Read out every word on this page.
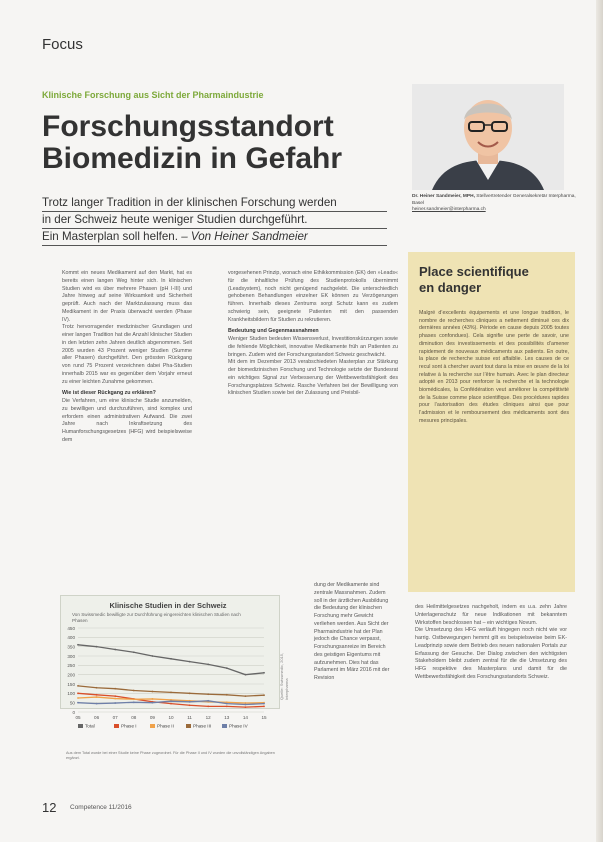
Focus
Klinische Forschung aus Sicht der Pharmaindustrie
Forschungsstandort
Biomedizin in Gefahr
Trotz langer Tradition in der klinischen Forschung werden
in der Schweiz heute weniger Studien durchgeführt.
Ein Masterplan soll helfen. – Von Heiner Sandmeier
Dr. Heiner Sandmeier, MPH, Stellvertretender Generalsekretär Interpharma, Basel
heiner.sandmeier@interpharma.ch

Kommt ein neues Medikament auf den Markt, hat es bereits einen langen Weg hinter sich. In klinischen Studien wird es über mehrere Phasen (pH I-III) und Jahre hinweg auf seine Wirksamkeit und Sicherheit geprüft. Auch nach der Marktzulassung muss das Medikament in der Praxis überwacht werden (Phase IV).

Trotz hervorragender medizinischer Grundlagen und einer langen Tradition hat die Anzahl klinischer Studien in den letzten zehn Jahren deutlich abgenommen. Seit 2005 wurden 43 Prozent weniger Studien (Summe aller Phasen) durchgeführt. Den grössten Rückgang von rund 75 Prozent verzeichnen dabei Pha-Studien innerhalb 2015 war es gegenüber dem Vorjahr erneut zu einer leichten Zunahme gekommen.

Wie ist dieser Rückgang zu erklären?

Die Verfahren, um eine klinische Studie anzumelden, zu bewilligen und durchzuführen, sind komplex und erfordern einen administrativen Aufwand. Die zwei Jahre nach Inkraftsetzung des Humanforschungsgesetzes (HFG) wird beispielsweise dem

vorgesehenen Prinzip, wonach eine Ethikkommission (EK) den »Leads« für die inhaltliche Prüfung des Studienprotokolls übernimmt (Leadsystem), noch nicht genügend nachgelebt. Die unterschiedlich gehobenen Behandlungen einzelner EK können zu Verzögerungen führen. Innerhalb dieses Zentrums sorgt Schutz kann es zudem schwierig sein, geeignete Patienten mit den passenden Krankheitsbildern für Studien zu rekrutieren.

Bedeutung und Gegenmassnahmen

Weniger Studien bedeuten Wissensverlust, Investitionskürzungen sowie die fehlende Möglichkeit, innovative Medikamente früh an Patienten zu bringen. Zudem wird der Forschungsstandort Schweiz geschwächt.

Mit dem im Dezember 2013 verabschiedeten Masterplan zur Stärkung der biomedizinischen Forschung und Technologie setzte der Bundesrat ein wichtiges Signal zur Verbesserung der Wettbewerbsfähigkeit des Forschungsplatzes Schweiz. Rasche Verfahren bei der Bewilligung von klinischen Studien sowie bei der Zulassung und Preisbil-

dung der Medikamente sind zentrale Massnahmen. Zudem soll in der ärztlichen Ausbildung die Bedeutung der klinischen Forschung mehr Gewicht verliehen werden. Aus Sicht der Pharmaindustrie hat der Plan jedoch die Chance verpasst, Forschungsanreize im Bereich des geistigen Eigentums mit aufzunehmen. Dies hat das Parlament im März 2016 mit der Revision

des Heilmittelgesetzes nachgeholt, indem es u.a. zehn Jahre Unterlagenschutz für neue Indikationen mit bekanntem Wirkstoffen beschlossen hat – ein wichtiges Novum.

Die Umsetzung des HFG verläuft hingegen noch nicht wie vor harrig. Ostbewegungen hemmt gilt es beispielsweise beim EK-Leadprinzip sowie dem Betrieb des neuen nationalen Portals zur Erfassung der Gesuche. Der Dialog zwischen den wichtigsten Stakeholdern bleibt zudem zentral für die die Umsetzung des HFG respektive des Masterplans und damit für die Wettbewerbsfähigkeit des Forschungsstandorts Schweiz.

Place scientifique
en danger
Malgré d’excellents équipements et une longue tradition, le nombre de recherches cliniques a nettement diminué ces dix dernières années (43%). Période en cause depuis 2005 toutes phases confondues). Cela signifie une perte de savoir, une diminution des investissements et des possibilités d’amener rapidement de nouveaux médicaments aux patients. En outre, la place de recherche suisse est affaiblie. Les causes de ce recul sont à chercher avant tout dans la mise en œuvre de la loi relative à la recherche sur l’être humain. Avec le plan directeur adopté en 2013 pour renforcer la recherche et la technologie biomédicales, la Confédération veut améliorer la compétitivité de la Suisse comme place scientifique. Des procédures rapides pour l’autorisation des études cliniques ainsi que pour l’admission et le remboursement des médicaments sont des mesures principales.
Klinische Studien in der Schweiz
Von Swissmedic bewilligte zur Durchführung eingereichten klinischen Studien nach Phasen
0
50
100
150
200
250
300
350
400
450
05	06	07	08	09	10	11	12	13	14	15
Total	Phase I	Phase II	Phase III	Phase IV
Aus dem Total wurde bei einer Studie keine Phase zugeordnet. Für die Phase II und IV wurden die unvollständigen Angaben ergänzt.
Quelle: Swissmedic, 2015, Interpharma
12 Competence 11/2016
